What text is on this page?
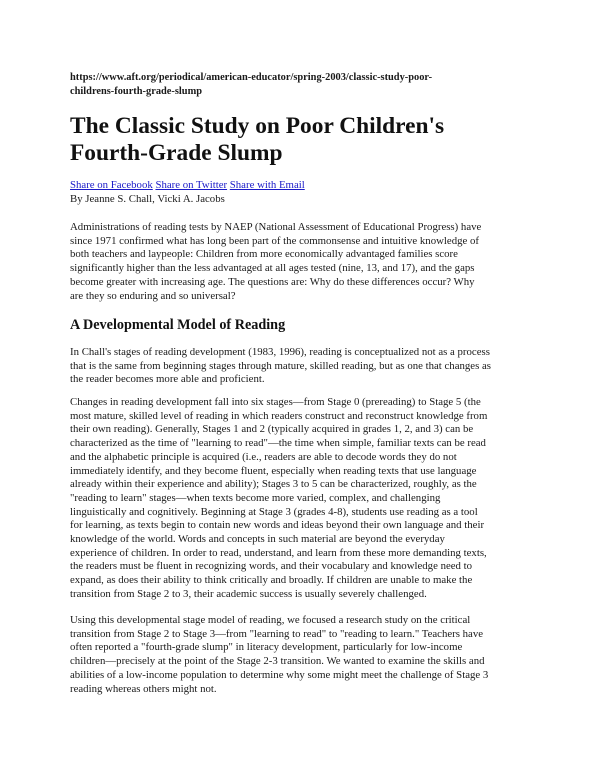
https://www.aft.org/periodical/american-educator/spring-2003/classic-study-poor-
childrens-fourth-grade-slump
The Classic Study on Poor Children's
Fourth-Grade Slump
Share on Facebook Share on Twitter Share with Email
By Jeanne S. Chall, Vicki A. Jacobs

Administrations of reading tests by NAEP (National Assessment of Educational Progress) have
since 1971 confirmed what has long been part of the commonsense and intuitive knowledge of
both teachers and laypeople: Children from more economically advantaged families score
significantly higher than the less advantaged at all ages tested (nine, 13, and 17), and the gaps
become greater with increasing age. The questions are: Why do these differences occur? Why
are they so enduring and so universal?

A Developmental Model of Reading

In Chall's stages of reading development (1983, 1996), reading is conceptualized not as a process
that is the same from beginning stages through mature, skilled reading, but as one that changes as
the reader becomes more able and proficient.

Changes in reading development fall into six stages—from Stage 0 (prereading) to Stage 5 (the
most mature, skilled level of reading in which readers construct and reconstruct knowledge from
their own reading). Generally, Stages 1 and 2 (typically acquired in grades 1, 2, and 3) can be
characterized as the time of "learning to read"—the time when simple, familiar texts can be read
and the alphabetic principle is acquired (i.e., readers are able to decode words they do not
immediately identify, and they become fluent, especially when reading texts that use language
already within their experience and ability); Stages 3 to 5 can be characterized, roughly, as the
"reading to learn" stages—when texts become more varied, complex, and challenging
linguistically and cognitively. Beginning at Stage 3 (grades 4-8), students use reading as a tool
for learning, as texts begin to contain new words and ideas beyond their own language and their
knowledge of the world. Words and concepts in such material are beyond the everyday
experience of children. In order to read, understand, and learn from these more demanding texts,
the readers must be fluent in recognizing words, and their vocabulary and knowledge need to
expand, as does their ability to think critically and broadly. If children are unable to make the
transition from Stage 2 to 3, their academic success is usually severely challenged.

Using this developmental stage model of reading, we focused a research study on the critical
transition from Stage 2 to Stage 3—from "learning to read" to "reading to learn." Teachers have
often reported a "fourth-grade slump" in literacy development, particularly for low-income
children—precisely at the point of the Stage 2-3 transition. We wanted to examine the skills and
abilities of a low-income population to determine why some might meet the challenge of Stage 3
reading whereas others might not.
